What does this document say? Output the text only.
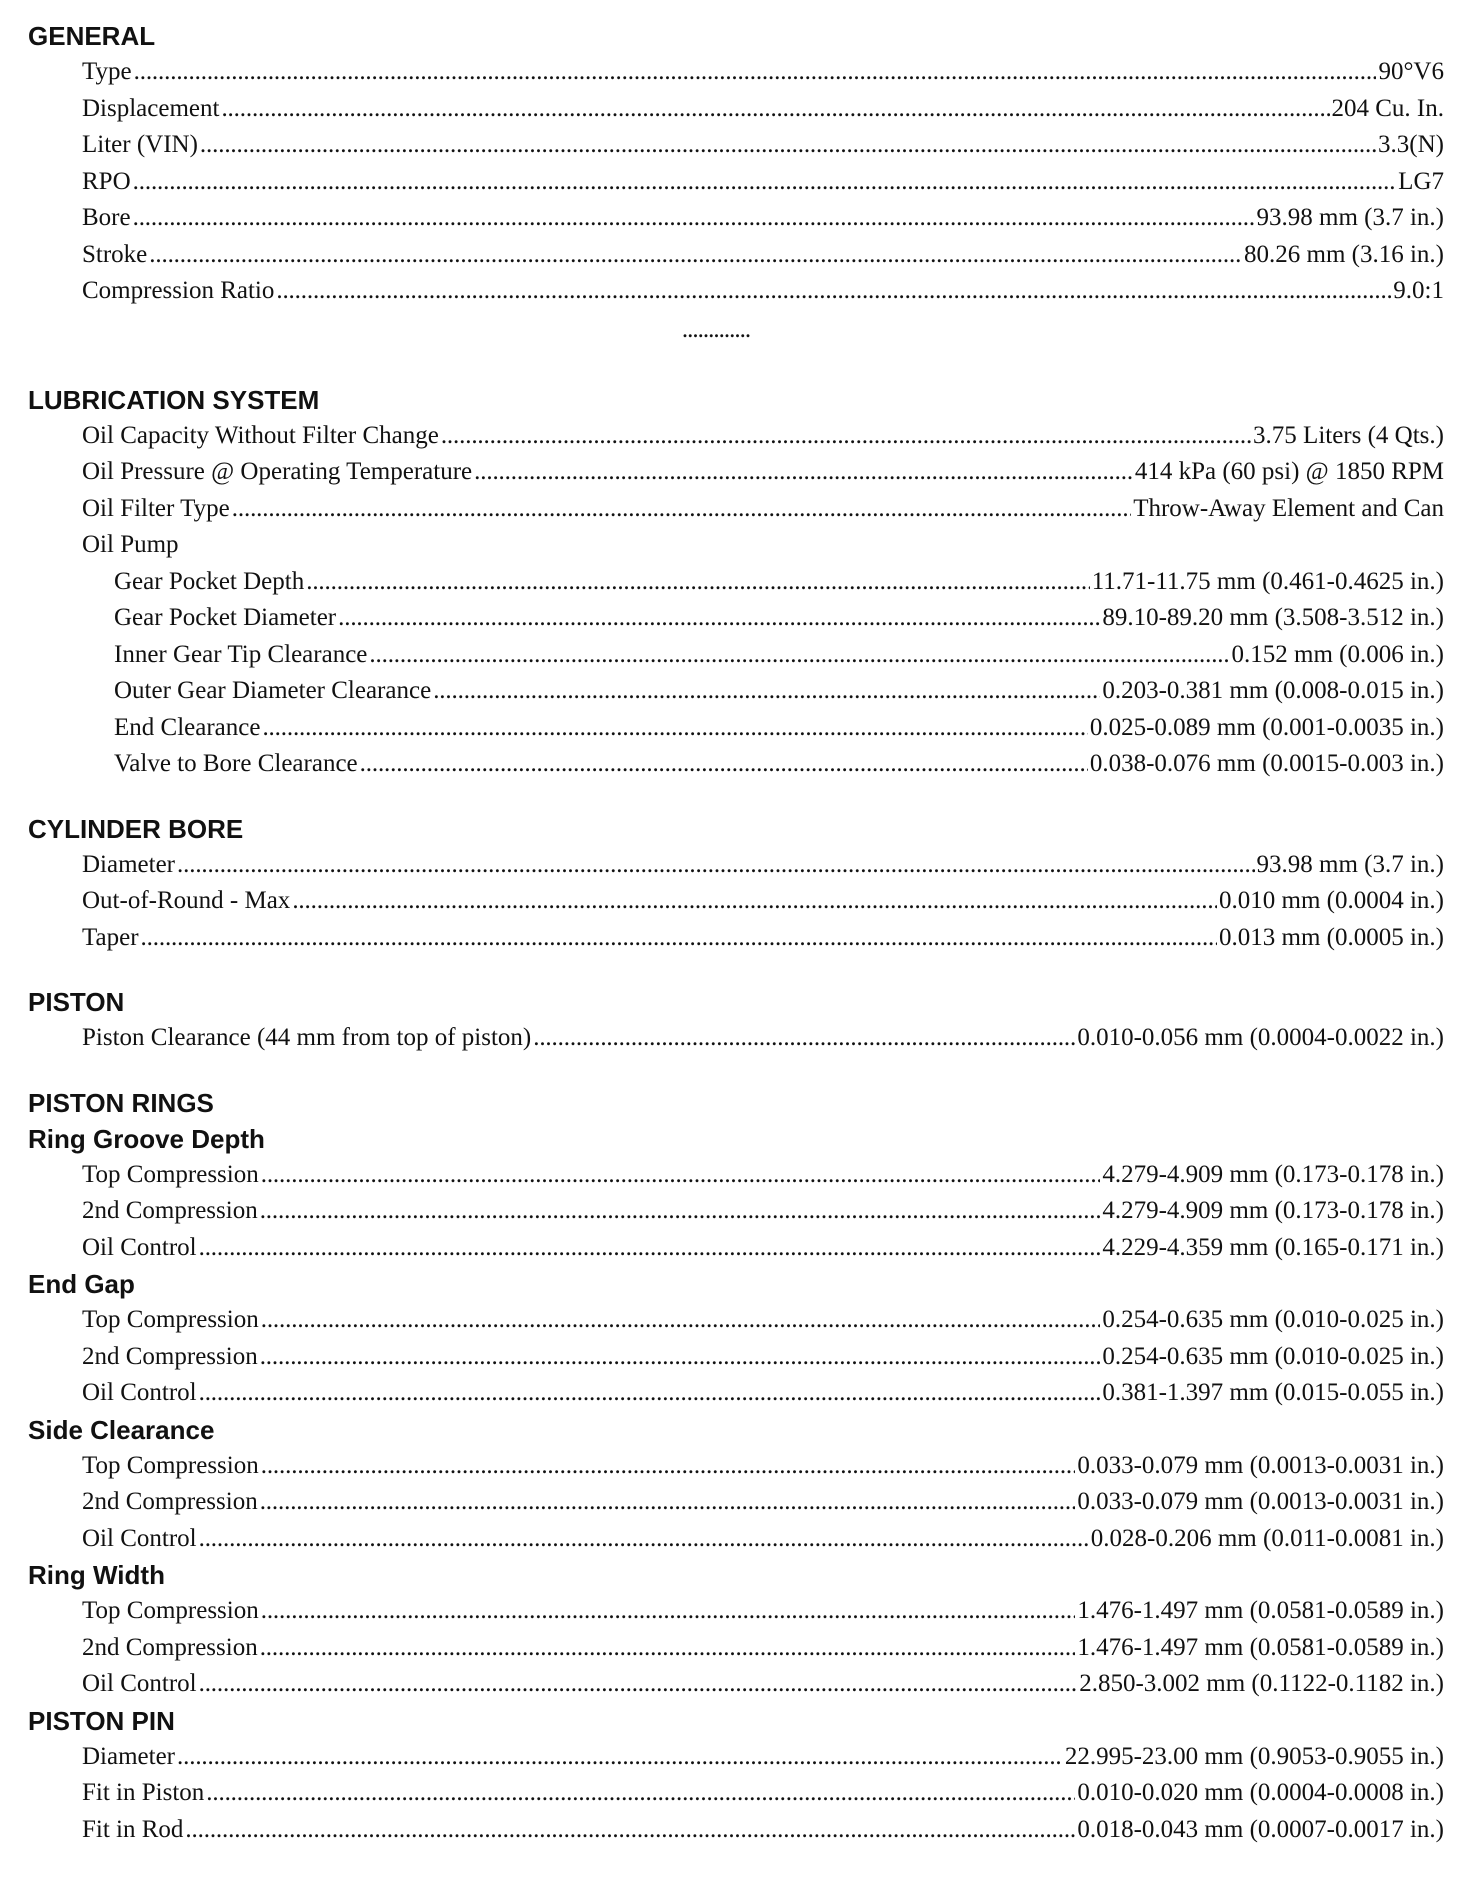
GENERAL
Type . . .	90°V6
Displacement . . .	204 Cu. In.
Liter (VIN) . . .	3.3(N)
RPO . . .	LG7
Bore . . .	93.98 mm (3.7 in.)
Stroke . . .	80.26 mm (3.16 in.)
Compression Ratio . . .	9.0:1
.............
LUBRICATION SYSTEM
Oil Capacity Without Filter Change . . .	3.75 Liters (4 Qts.)
Oil Pressure @ Operating Temperature . . .	414 kPa (60 psi) @ 1850 RPM
Oil Filter Type . . .	Throw-Away Element and Can
Oil Pump
Gear Pocket Depth . . .	11.71-11.75 mm (0.461-0.4625 in.)
Gear Pocket Diameter . . .	89.10-89.20 mm (3.508-3.512 in.)
Inner Gear Tip Clearance . . .	0.152 mm (0.006 in.)
Outer Gear Diameter Clearance . . .	0.203-0.381 mm (0.008-0.015 in.)
End Clearance . . .	0.025-0.089 mm (0.001-0.0035 in.)
Valve to Bore Clearance . . .	0.038-0.076 mm (0.0015-0.003 in.)
CYLINDER BORE
Diameter . . .	93.98 mm (3.7 in.)
Out-of-Round - Max . . .	0.010 mm (0.0004 in.)
Taper . . .	0.013 mm (0.0005 in.)
PISTON
Piston Clearance (44 mm from top of piston) . . .	0.010-0.056 mm (0.0004-0.0022 in.)
PISTON RINGS
Ring Groove Depth
Top Compression . . .	4.279-4.909 mm (0.173-0.178 in.)
2nd Compression . . .	4.279-4.909 mm (0.173-0.178 in.)
Oil Control . . .	4.229-4.359 mm (0.165-0.171 in.)
End Gap
Top Compression . . .	0.254-0.635 mm (0.010-0.025 in.)
2nd Compression . . .	0.254-0.635 mm (0.010-0.025 in.)
Oil Control . . .	0.381-1.397 mm (0.015-0.055 in.)
Side Clearance
Top Compression . . .	0.033-0.079 mm (0.0013-0.0031 in.)
2nd Compression . . .	0.033-0.079 mm (0.0013-0.0031 in.)
Oil Control . . .	0.028-0.206 mm (0.011-0.0081 in.)
Ring Width
Top Compression . . .	1.476-1.497 mm (0.0581-0.0589 in.)
2nd Compression . . .	1.476-1.497 mm (0.0581-0.0589 in.)
Oil Control . . .	2.850-3.002 mm (0.1122-0.1182 in.)
PISTON PIN
Diameter . . .	22.995-23.00 mm (0.9053-0.9055 in.)
Fit in Piston . . .	0.010-0.020 mm (0.0004-0.0008 in.)
Fit in Rod . . .	0.018-0.043 mm (0.0007-0.0017 in.)
